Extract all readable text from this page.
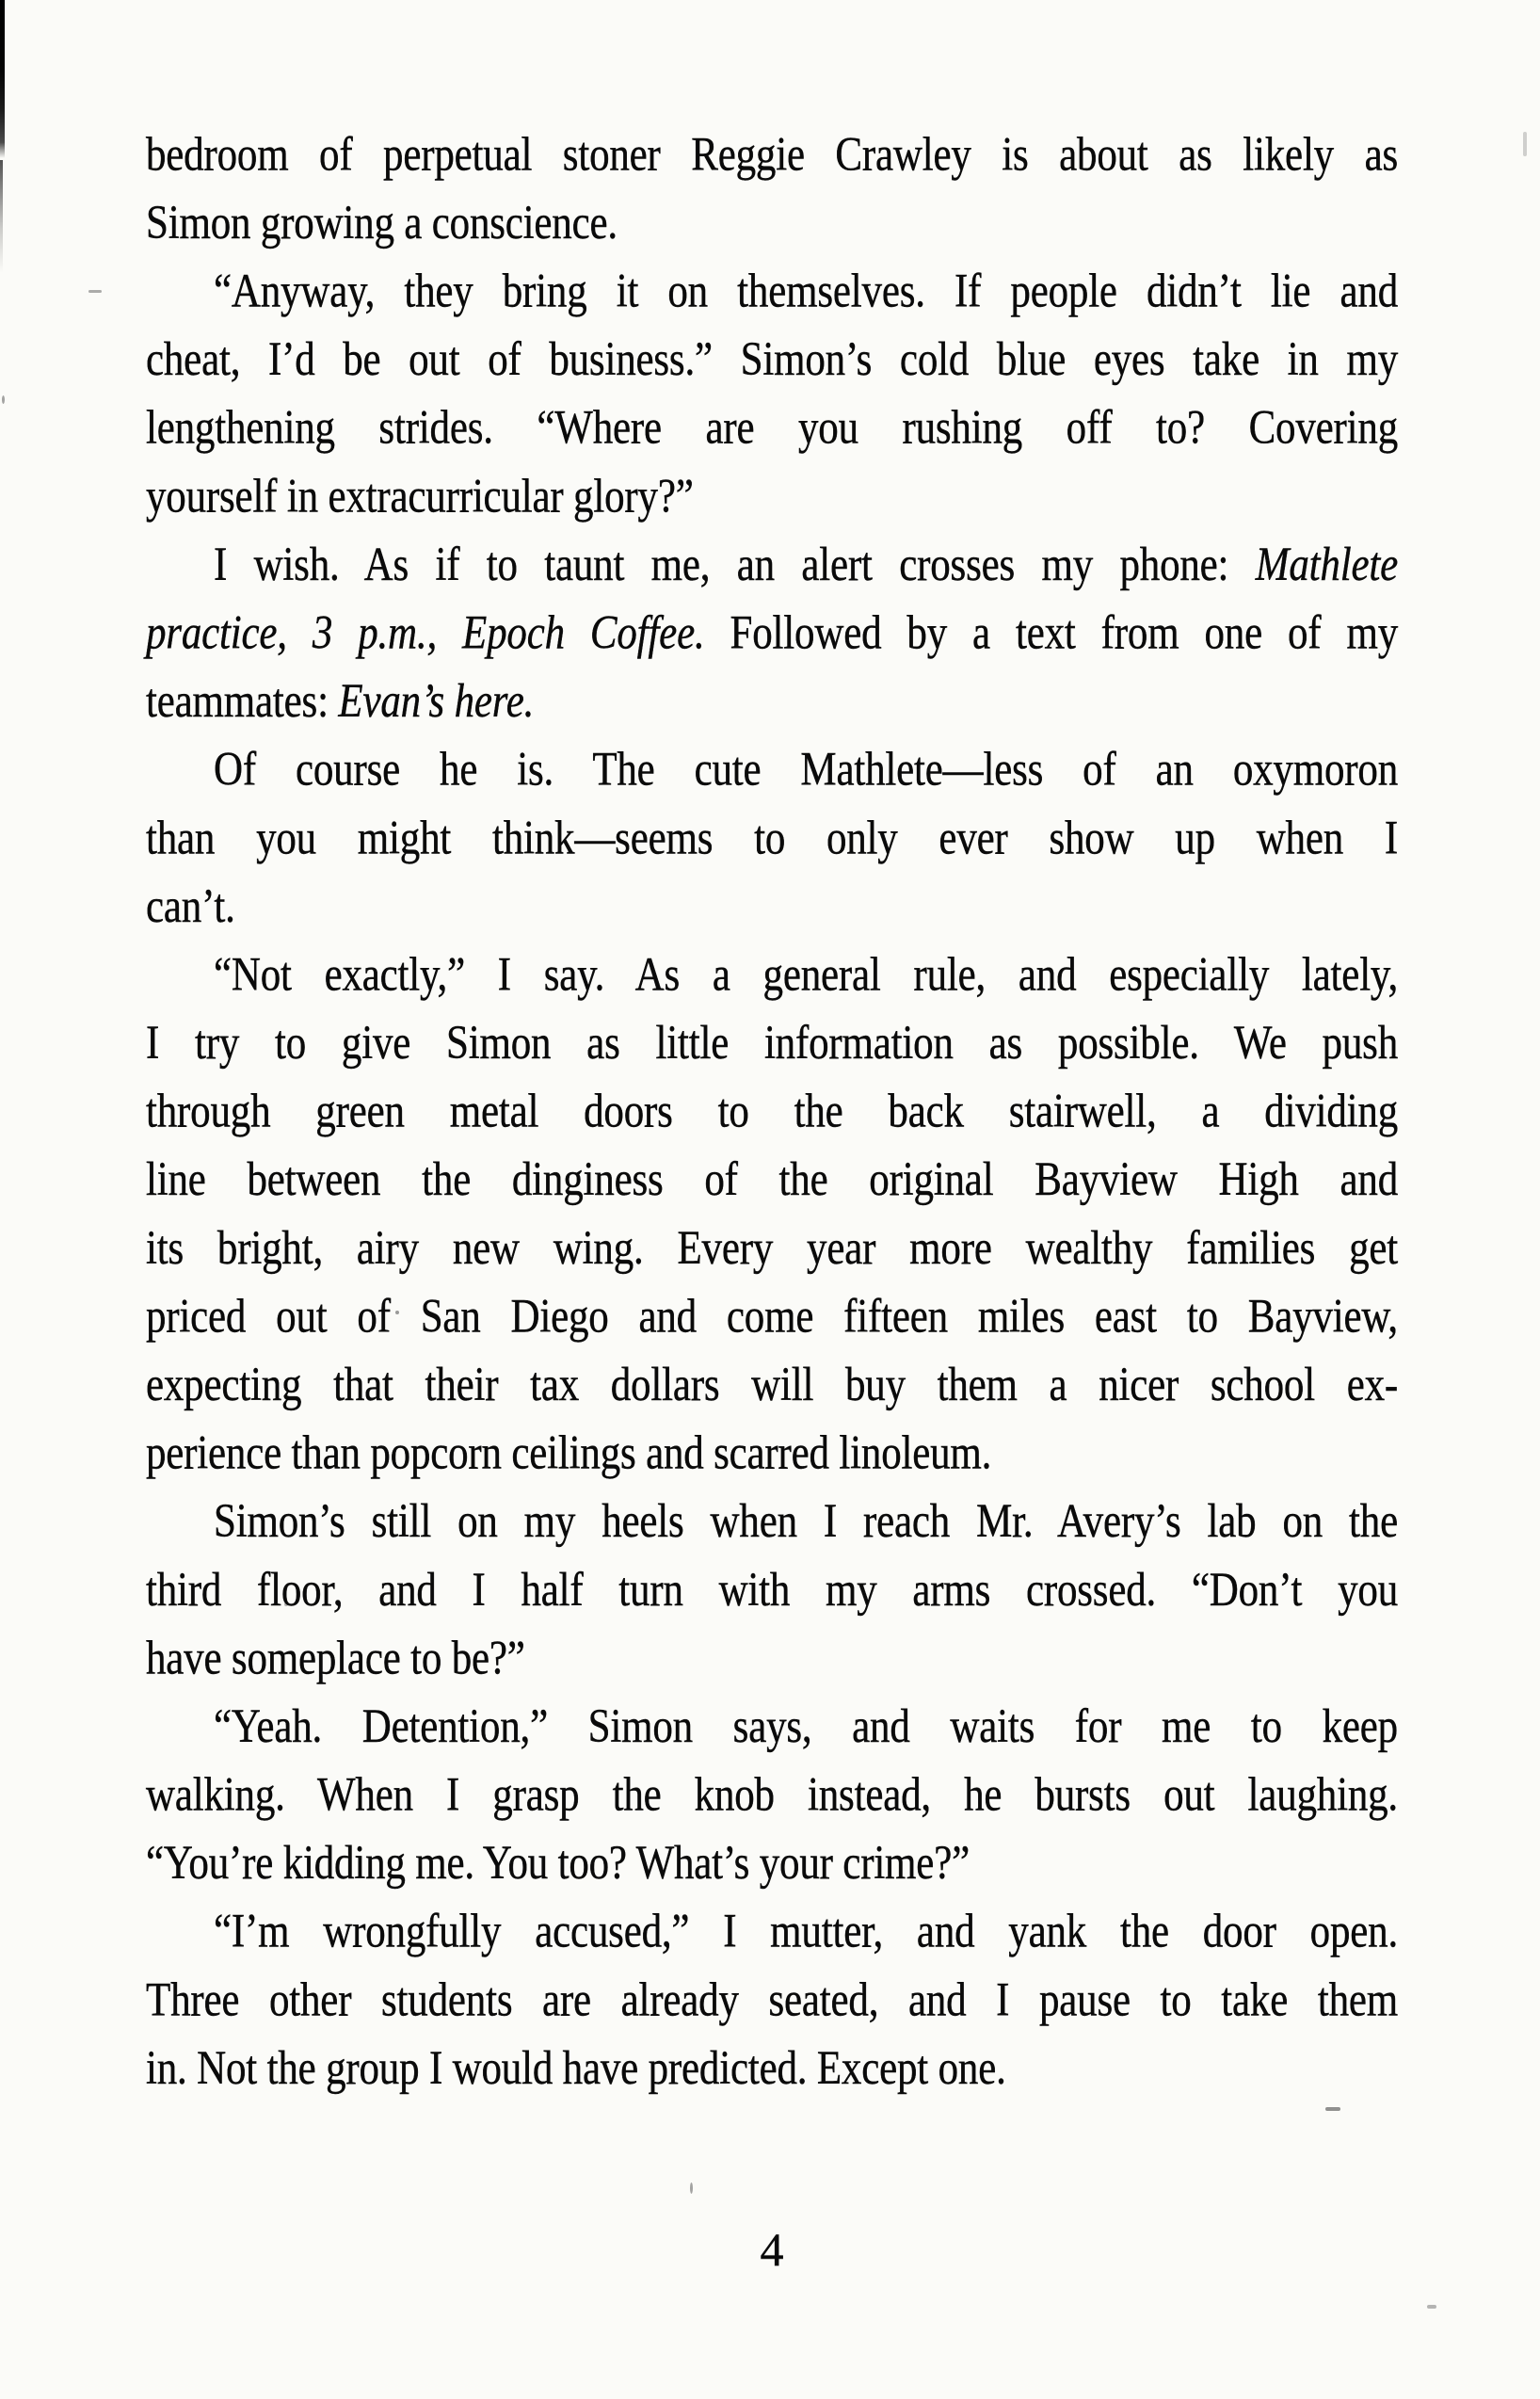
bedroom of perpetual stoner Reggie Crawley is about as likely as
Simon growing a conscience.
“Anyway, they bring it on themselves. If people didn’t lie and
cheat, I’d be out of business.” Simon’s cold blue eyes take in my
lengthening strides. “Where are you rushing off to? Covering
yourself in extracurricular glory?”
I wish. As if to taunt me, an alert crosses my phone: Mathlete
practice, 3 p.m., Epoch Coffee. Followed by a text from one of my
teammates: Evan’s here.
Of course he is. The cute Mathlete—less of an oxymoron
than you might think—seems to only ever show up when I
can’t.
“Not exactly,” I say. As a general rule, and especially lately,
I try to give Simon as little information as possible. We push
through green metal doors to the back stairwell, a dividing
line between the dinginess of the original Bayview High and
its bright, airy new wing. Every year more wealthy families get
priced out of San Diego and come fifteen miles east to Bayview,
expecting that their tax dollars will buy them a nicer school ex-
perience than popcorn ceilings and scarred linoleum.
Simon’s still on my heels when I reach Mr. Avery’s lab on the
third floor, and I half turn with my arms crossed. “Don’t you
have someplace to be?”
“Yeah. Detention,” Simon says, and waits for me to keep
walking. When I grasp the knob instead, he bursts out laughing.
“You’re kidding me. You too? What’s your crime?”
“I’m wrongfully accused,” I mutter, and yank the door open.
Three other students are already seated, and I pause to take them
in. Not the group I would have predicted. Except one.
4
